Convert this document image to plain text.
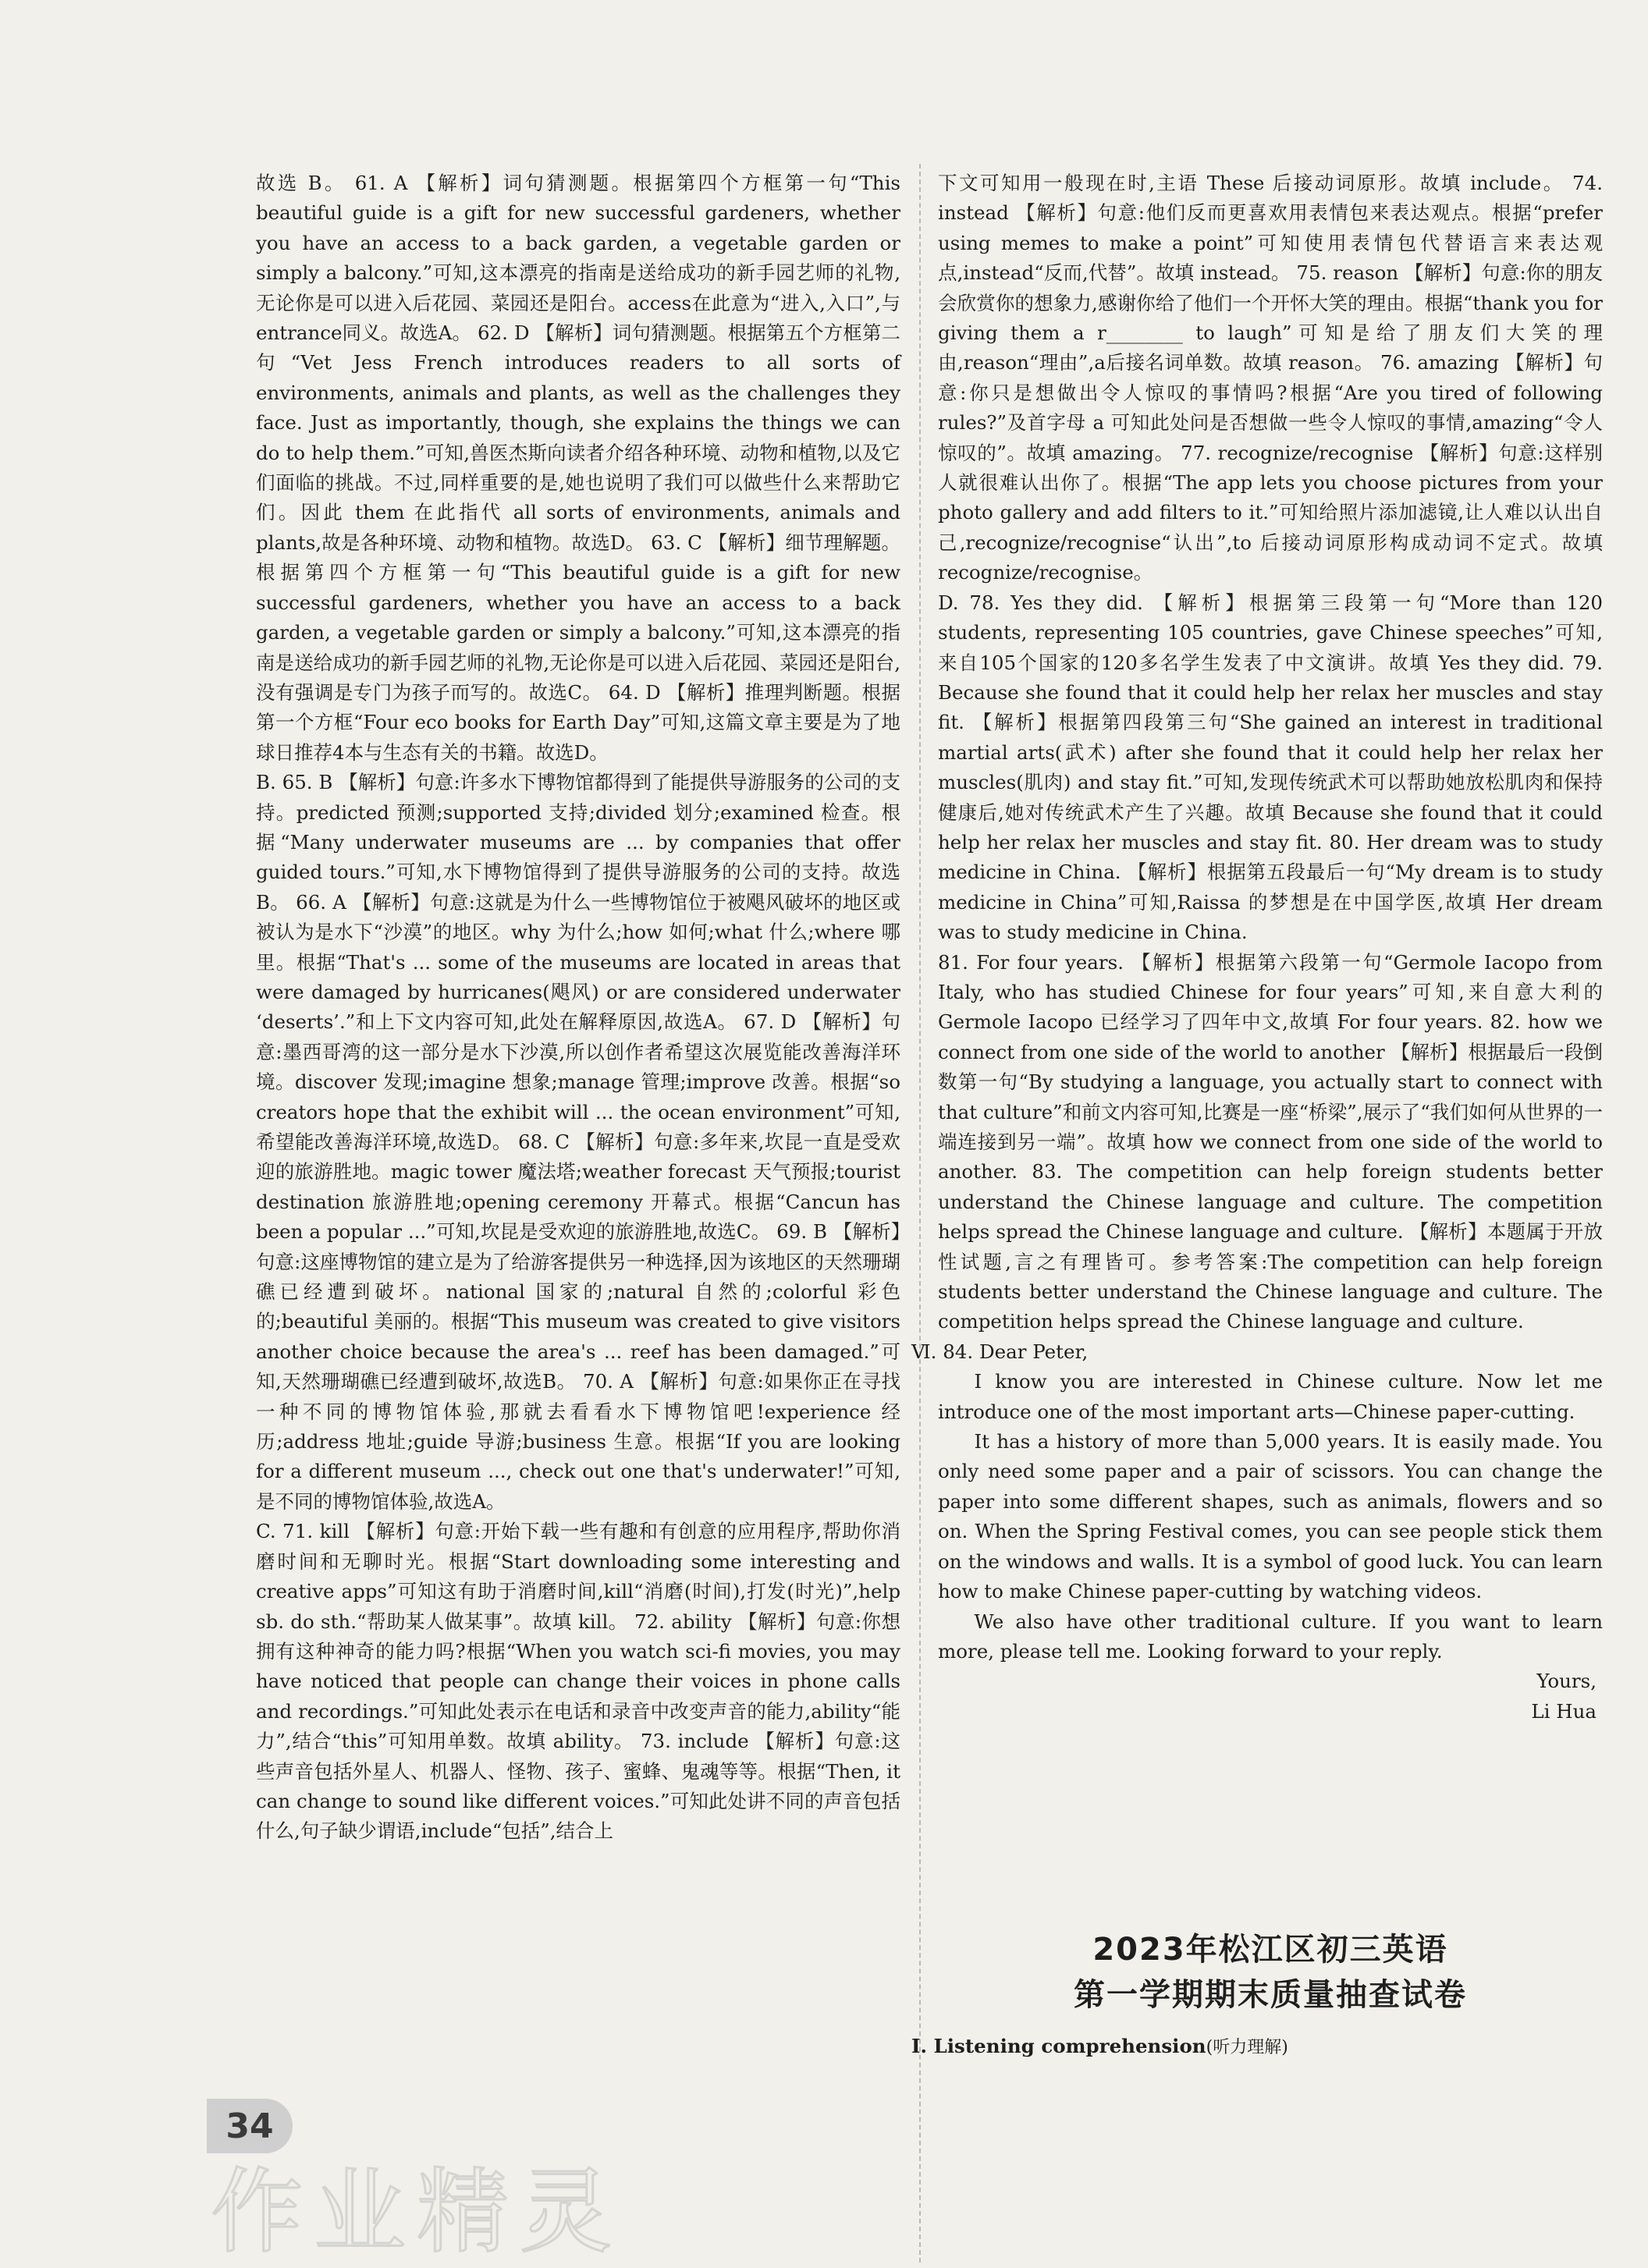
故选 B。 61. A 【解析】词句猜测题。根据第四个方框第一句“This beautiful guide is a gift for new successful gardeners, whether you have an access to a back garden, a vegetable garden or simply a balcony.”可知,这本漂亮的指南是送给成功的新手园艺师的礼物,无论你是可以进入后花园、菜园还是阳台。access在此意为“进入,入口”,与entrance同义。故选A。 62. D 【解析】词句猜测题。根据第五个方框第二句“Vet Jess French introduces readers to all sorts of environments, animals and plants, as well as the challenges they face. Just as importantly, though, she explains the things we can do to help them.”可知,兽医杰斯向读者介绍各种环境、动物和植物,以及它们面临的挑战。不过,同样重要的是,她也说明了我们可以做些什么来帮助它们。因此 them 在此指代 all sorts of environments, animals and plants,故是各种环境、动物和植物。故选D。 63. C 【解析】细节理解题。根据第四个方框第一句“This beautiful guide is a gift for new successful gardeners, whether you have an access to a back garden, a vegetable garden or simply a balcony.”可知,这本漂亮的指南是送给成功的新手园艺师的礼物,无论你是可以进入后花园、菜园还是阳台,没有强调是专门为孩子而写的。故选C。 64. D 【解析】推理判断题。根据第一个方框“Four eco books for Earth Day”可知,这篇文章主要是为了地球日推荐4本与生态有关的书籍。故选D。

B. 65. B 【解析】句意:许多水下博物馆都得到了能提供导游服务的公司的支持。predicted 预测;supported 支持;divided 划分;examined 检查。根据“Many underwater museums are ... by companies that offer guided tours.”可知,水下博物馆得到了提供导游服务的公司的支持。故选B。 66. A 【解析】句意:这就是为什么一些博物馆位于被飓风破坏的地区或被认为是水下“沙漠”的地区。why 为什么;how 如何;what 什么;where 哪里。根据“That's ... some of the museums are located in areas that were damaged by hurricanes(飓风) or are considered underwater ‘deserts’.”和上下文内容可知,此处在解释原因,故选A。 67. D 【解析】句意:墨西哥湾的这一部分是水下沙漠,所以创作者希望这次展览能改善海洋环境。discover 发现;imagine 想象;manage 管理;improve 改善。根据“so creators hope that the exhibit will ... the ocean environment”可知,希望能改善海洋环境,故选D。 68. C 【解析】句意:多年来,坎昆一直是受欢迎的旅游胜地。magic tower 魔法塔;weather forecast 天气预报;tourist destination 旅游胜地;opening ceremony 开幕式。根据“Cancun has been a popular ...”可知,坎昆是受欢迎的旅游胜地,故选C。 69. B 【解析】句意:这座博物馆的建立是为了给游客提供另一种选择,因为该地区的天然珊瑚礁已经遭到破坏。national 国家的;natural 自然的;colorful 彩色的;beautiful 美丽的。根据“This museum was created to give visitors another choice because the area's ... reef has been damaged.”可知,天然珊瑚礁已经遭到破坏,故选B。 70. A 【解析】句意:如果你正在寻找一种不同的博物馆体验,那就去看看水下博物馆吧!experience 经历;address 地址;guide 导游;business 生意。根据“If you are looking for a different museum ..., check out one that's underwater!”可知,是不同的博物馆体验,故选A。

C. 71. kill 【解析】句意:开始下载一些有趣和有创意的应用程序,帮助你消磨时间和无聊时光。根据“Start downloading some interesting and creative apps”可知这有助于消磨时间,kill“消磨(时间),打发(时光)”,help sb. do sth.“帮助某人做某事”。故填 kill。 72. ability 【解析】句意:你想拥有这种神奇的能力吗?根据“When you watch sci-fi movies, you may have noticed that people can change their voices in phone calls and recordings.”可知此处表示在电话和录音中改变声音的能力,ability“能力”,结合“this”可知用单数。故填 ability。 73. include 【解析】句意:这些声音包括外星人、机器人、怪物、孩子、蜜蜂、鬼魂等等。根据“Then, it can change to sound like different voices.”可知此处讲不同的声音包括什么,句子缺少谓语,include“包括”,结合上

下文可知用一般现在时,主语 These 后接动词原形。故填 include。 74. instead 【解析】句意:他们反而更喜欢用表情包来表达观点。根据“prefer using memes to make a point”可知使用表情包代替语言来表达观点,instead“反而,代替”。故填 instead。 75. reason 【解析】句意:你的朋友会欣赏你的想象力,感谢你给了他们一个开怀大笑的理由。根据“thank you for giving them a r________ to laugh”可知是给了朋友们大笑的理由,reason“理由”,a后接名词单数。故填 reason。 76. amazing 【解析】句意:你只是想做出令人惊叹的事情吗?根据“Are you tired of following rules?”及首字母 a 可知此处问是否想做一些令人惊叹的事情,amazing“令人惊叹的”。故填 amazing。 77. recognize/recognise 【解析】句意:这样别人就很难认出你了。根据“The app lets you choose pictures from your photo gallery and add filters to it.”可知给照片添加滤镜,让人难以认出自己,recognize/recognise“认出”,to 后接动词原形构成动词不定式。故填 recognize/recognise。

D. 78. Yes they did. 【解析】根据第三段第一句“More than 120 students, representing 105 countries, gave Chinese speeches”可知,来自105个国家的120多名学生发表了中文演讲。故填 Yes they did. 79. Because she found that it could help her relax her muscles and stay fit. 【解析】根据第四段第三句“She gained an interest in traditional martial arts(武术) after she found that it could help her relax her muscles(肌肉) and stay fit.”可知,发现传统武术可以帮助她放松肌肉和保持健康后,她对传统武术产生了兴趣。故填 Because she found that it could help her relax her muscles and stay fit. 80. Her dream was to study medicine in China. 【解析】根据第五段最后一句“My dream is to study medicine in China”可知,Raissa 的梦想是在中国学医,故填 Her dream was to study medicine in China.

81. For four years. 【解析】根据第六段第一句“Germole Iacopo from Italy, who has studied Chinese for four years”可知,来自意大利的 Germole Iacopo 已经学习了四年中文,故填 For four years. 82. how we connect from one side of the world to another 【解析】根据最后一段倒数第一句“By studying a language, you actually start to connect with that culture”和前文内容可知,比赛是一座“桥梁”,展示了“我们如何从世界的一端连接到另一端”。故填 how we connect from one side of the world to another. 83. The competition can help foreign students better understand the Chinese language and culture. The competition helps spread the Chinese language and culture. 【解析】本题属于开放性试题,言之有理皆可。参考答案:The competition can help foreign students better understand the Chinese language and culture. The competition helps spread the Chinese language and culture.

Ⅵ. 84. Dear Peter,

I know you are interested in Chinese culture. Now let me introduce one of the most important arts—Chinese paper-cutting.

It has a history of more than 5,000 years. It is easily made. You only need some paper and a pair of scissors. You can change the paper into some different shapes, such as animals, flowers and so on. When the Spring Festival comes, you can see people stick them on the windows and walls. It is a symbol of good luck. You can learn how to make Chinese paper-cutting by watching videos.

We also have other traditional culture. If you want to learn more, please tell me. Looking forward to your reply.

Yours,

Li Hua

2023年松江区初三英语
第一学期期末质量抽查试卷
Ⅰ. Listening comprehension(听力理解)
34
作业精灵
